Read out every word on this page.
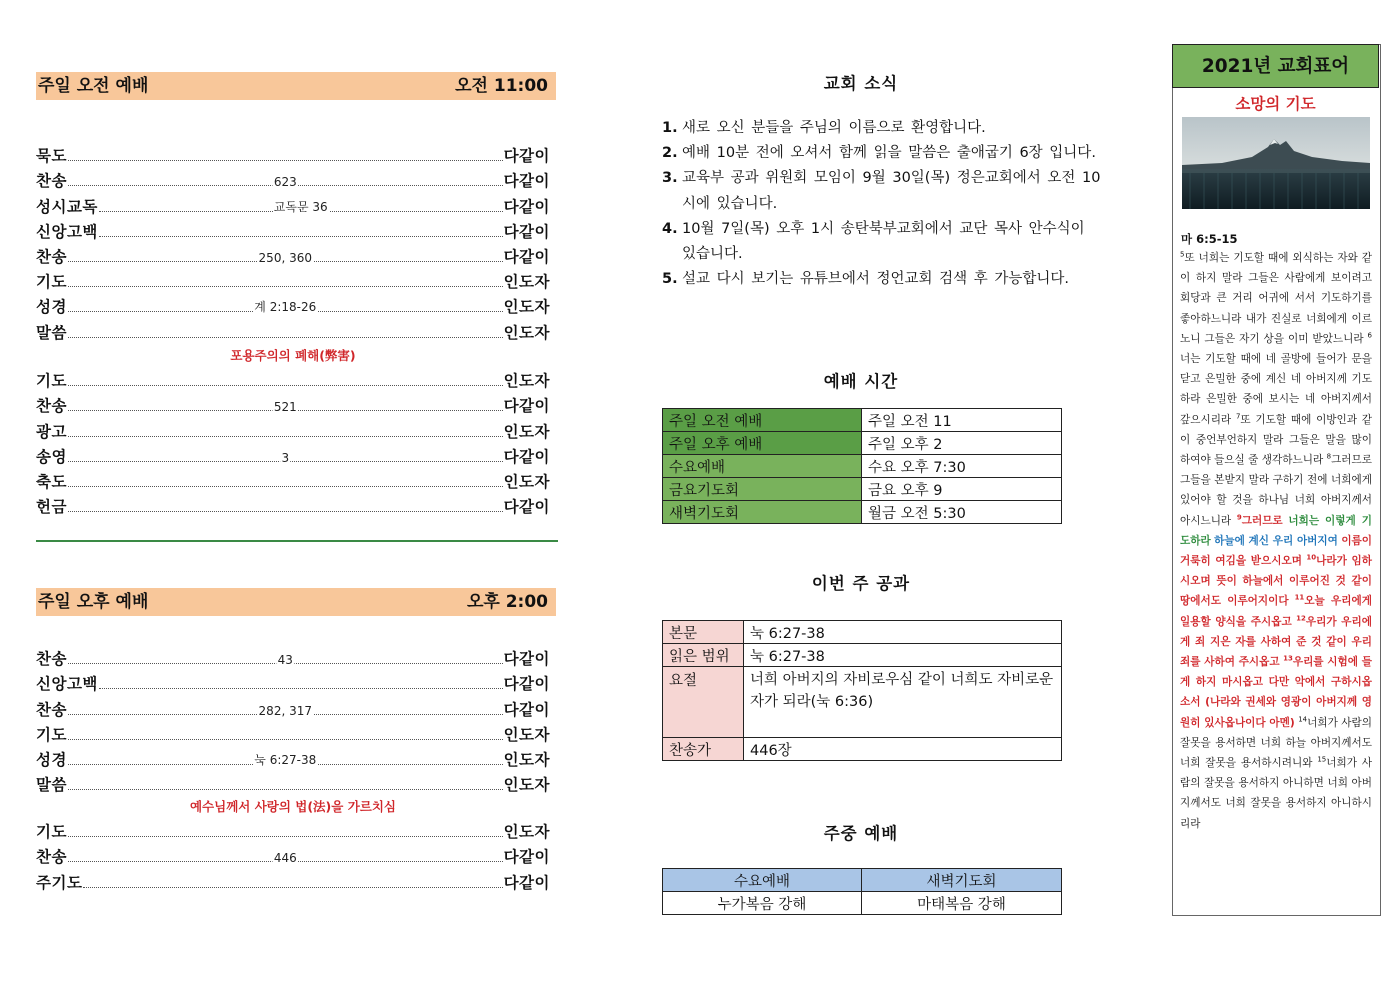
주일 오전 예배	오전 11:00
묵도	다같이
찬송	623	다같이
성시교독	교독문 36	다같이
신앙고백	다같이
찬송	250, 360	다같이
기도	인도자
성경	계 2:18-26	인도자
말씀	인도자
포용주의의 폐해(弊害)
기도	인도자
찬송	521	다같이
광고	인도자
송영	3	다같이
축도	인도자
헌금	다같이
주일 오후 예배	오후 2:00
찬송	43	다같이
신앙고백	다같이
찬송	282, 317	다같이
기도	인도자
성경	눅 6:27-38	인도자
말씀	인도자
예수님께서 사랑의 법(法)을 가르치심
기도	인도자
찬송	446	다같이
주기도	다같이
교회 소식
1. 새로 오신 분들을 주님의 이름으로 환영합니다.
2. 예배 10분 전에 오셔서 함께 읽을 말씀은 출애굽기 6장 입니다.
3. 교육부 공과 위원회 모임이 9월 30일(목) 정은교회에서 오전 10시에 있습니다.
4. 10월 7일(목) 오후 1시 송탄북부교회에서 교단 목사 안수식이 있습니다.
5. 설교 다시 보기는 유튜브에서 정언교회 검색 후 가능합니다.
예배 시간
주일 오전 예배	주일 오전 11
주일 오후 예배	주일 오후 2
수요예배	수요 오후 7:30
금요기도회	금요 오후 9
새벽기도회	월금 오전 5:30
이번 주 공과
본문	눅 6:27-38
읽은 범위	눅 6:27-38
요절	너희 아버지의 자비로우심 같이 너희도 자비로운 자가 되라(눅 6:36)
찬송가	446장
주중 예배
수요예배	새벽기도회
누가복음 강해	마태복음 강해
2021년 교회표어
소망의 기도
마 6:5-15
$^5$또 너희는 기도할 때에 외식하는 자와 같이 하지 말라 그들은 사람에게 보이려고 회당과 큰 거리 어귀에 서서 기도하기를 좋아하느니라 내가 진실로 너희에게 이르노니 그들은 자기 상을 이미 받았느니라 $^6$너는 기도할 때에 네 골방에 들어가 문을 닫고 은밀한 중에 계신 네 아버지께 기도하라 은밀한 중에 보시는 네 아버지께서 갚으시리라 $^7$또 기도할 때에 이방인과 같이 중언부언하지 말라 그들은 말을 많이 하여야 들으실 줄 생각하느니라 $^8$그러므로 그들을 본받지 말라 구하기 전에 너희에게 있어야 할 것을 하나님 너희 아버지께서 아시느니라 $^9$그러므로 너희는 이렇게 기도하라 하늘에 계신 우리 아버지여 이름이 거룩히 여김을 받으시오며 $^{10}$나라가 임하시오며 뜻이 하늘에서 이루어진 것 같이 땅에서도 이루어지이다 $^{11}$오늘 우리에게 일용할 양식을 주시옵고 $^{12}$우리가 우리에게 죄 지은 자를 사하여 준 것 같이 우리 죄를 사하여 주시옵고 $^{13}$우리를 시험에 들게 하지 마시옵고 다만 악에서 구하시옵소서 (나라와 권세와 영광이 아버지께 영원히 있사옵나이다 아멘) $^{14}$너희가 사람의 잘못을 용서하면 너희 하늘 아버지께서도 너희 잘못을 용서하시려니와 $^{15}$너희가 사람의 잘못을 용서하지 아니하면 너희 아버지께서도 너희 잘못을 용서하지 아니하시리라
